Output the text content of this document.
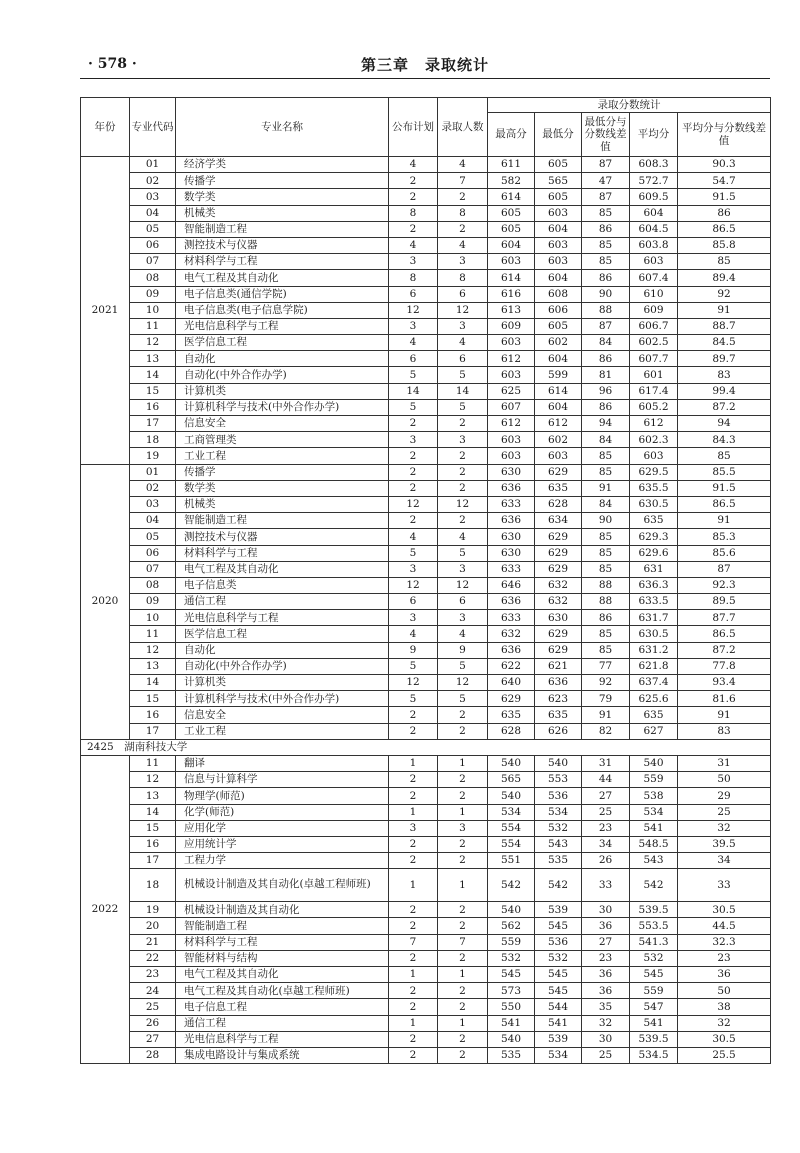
· 578 ·	第三章　录取统计
年份	专业代码	专业名称	公布计划	录取人数	录取分数统计				
					最高分	最低分	最低分与分数线差值	平均分	平均分与分数线差值
2021	01	经济学类	4	4	611	605	87	608.3	90.3
	02	传播学	2	7	582	565	47	572.7	54.7
	03	数学类	2	2	614	605	87	609.5	91.5
	04	机械类	8	8	605	603	85	604	86
	05	智能制造工程	2	2	605	604	86	604.5	86.5
	06	测控技术与仪器	4	4	604	603	85	603.8	85.8
	07	材料科学与工程	3	3	603	603	85	603	85
	08	电气工程及其自动化	8	8	614	604	86	607.4	89.4
	09	电子信息类(通信学院)	6	6	616	608	90	610	92
	10	电子信息类(电子信息学院)	12	12	613	606	88	609	91
	11	光电信息科学与工程	3	3	609	605	87	606.7	88.7
	12	医学信息工程	4	4	603	602	84	602.5	84.5
	13	自动化	6	6	612	604	86	607.7	89.7
	14	自动化(中外合作办学)	5	5	603	599	81	601	83
	15	计算机类	14	14	625	614	96	617.4	99.4
	16	计算机科学与技术(中外合作办学)	5	5	607	604	86	605.2	87.2
	17	信息安全	2	2	612	612	94	612	94
	18	工商管理类	3	3	603	602	84	602.3	84.3
	19	工业工程	2	2	603	603	85	603	85
2020	01	传播学	2	2	630	629	85	629.5	85.5
	02	数学类	2	2	636	635	91	635.5	91.5
	03	机械类	12	12	633	628	84	630.5	86.5
	04	智能制造工程	2	2	636	634	90	635	91
	05	测控技术与仪器	4	4	630	629	85	629.3	85.3
	06	材料科学与工程	5	5	630	629	85	629.6	85.6
	07	电气工程及其自动化	3	3	633	629	85	631	87
	08	电子信息类	12	12	646	632	88	636.3	92.3
	09	通信工程	6	6	636	632	88	633.5	89.5
	10	光电信息科学与工程	3	3	633	630	86	631.7	87.7
	11	医学信息工程	4	4	632	629	85	630.5	86.5
	12	自动化	9	9	636	629	85	631.2	87.2
	13	自动化(中外合作办学)	5	5	622	621	77	621.8	77.8
	14	计算机类	12	12	640	636	92	637.4	93.4
	15	计算机科学与技术(中外合作办学)	5	5	629	623	79	625.6	81.6
	16	信息安全	2	2	635	635	91	635	91
	17	工业工程	2	2	628	626	82	627	83
2425　湖南科技大学									
2022	11	翻译	1	1	540	540	31	540	31
	12	信息与计算科学	2	2	565	553	44	559	50
	13	物理学(师范)	2	2	540	536	27	538	29
	14	化学(师范)	1	1	534	534	25	534	25
	15	应用化学	3	3	554	532	23	541	32
	16	应用统计学	2	2	554	543	34	548.5	39.5
	17	工程力学	2	2	551	535	26	543	34
	18	机械设计制造及其自动化(卓越工程师班)	1	1	542	542	33	542	33
	19	机械设计制造及其自动化	2	2	540	539	30	539.5	30.5
	20	智能制造工程	2	2	562	545	36	553.5	44.5
	21	材料科学与工程	7	7	559	536	27	541.3	32.3
	22	智能材料与结构	2	2	532	532	23	532	23
	23	电气工程及其自动化	1	1	545	545	36	545	36
	24	电气工程及其自动化(卓越工程师班)	2	2	573	545	36	559	50
	25	电子信息工程	2	2	550	544	35	547	38
	26	通信工程	1	1	541	541	32	541	32
	27	光电信息科学与工程	2	2	540	539	30	539.5	30.5
	28	集成电路设计与集成系统	2	2	535	534	25	534.5	25.5
